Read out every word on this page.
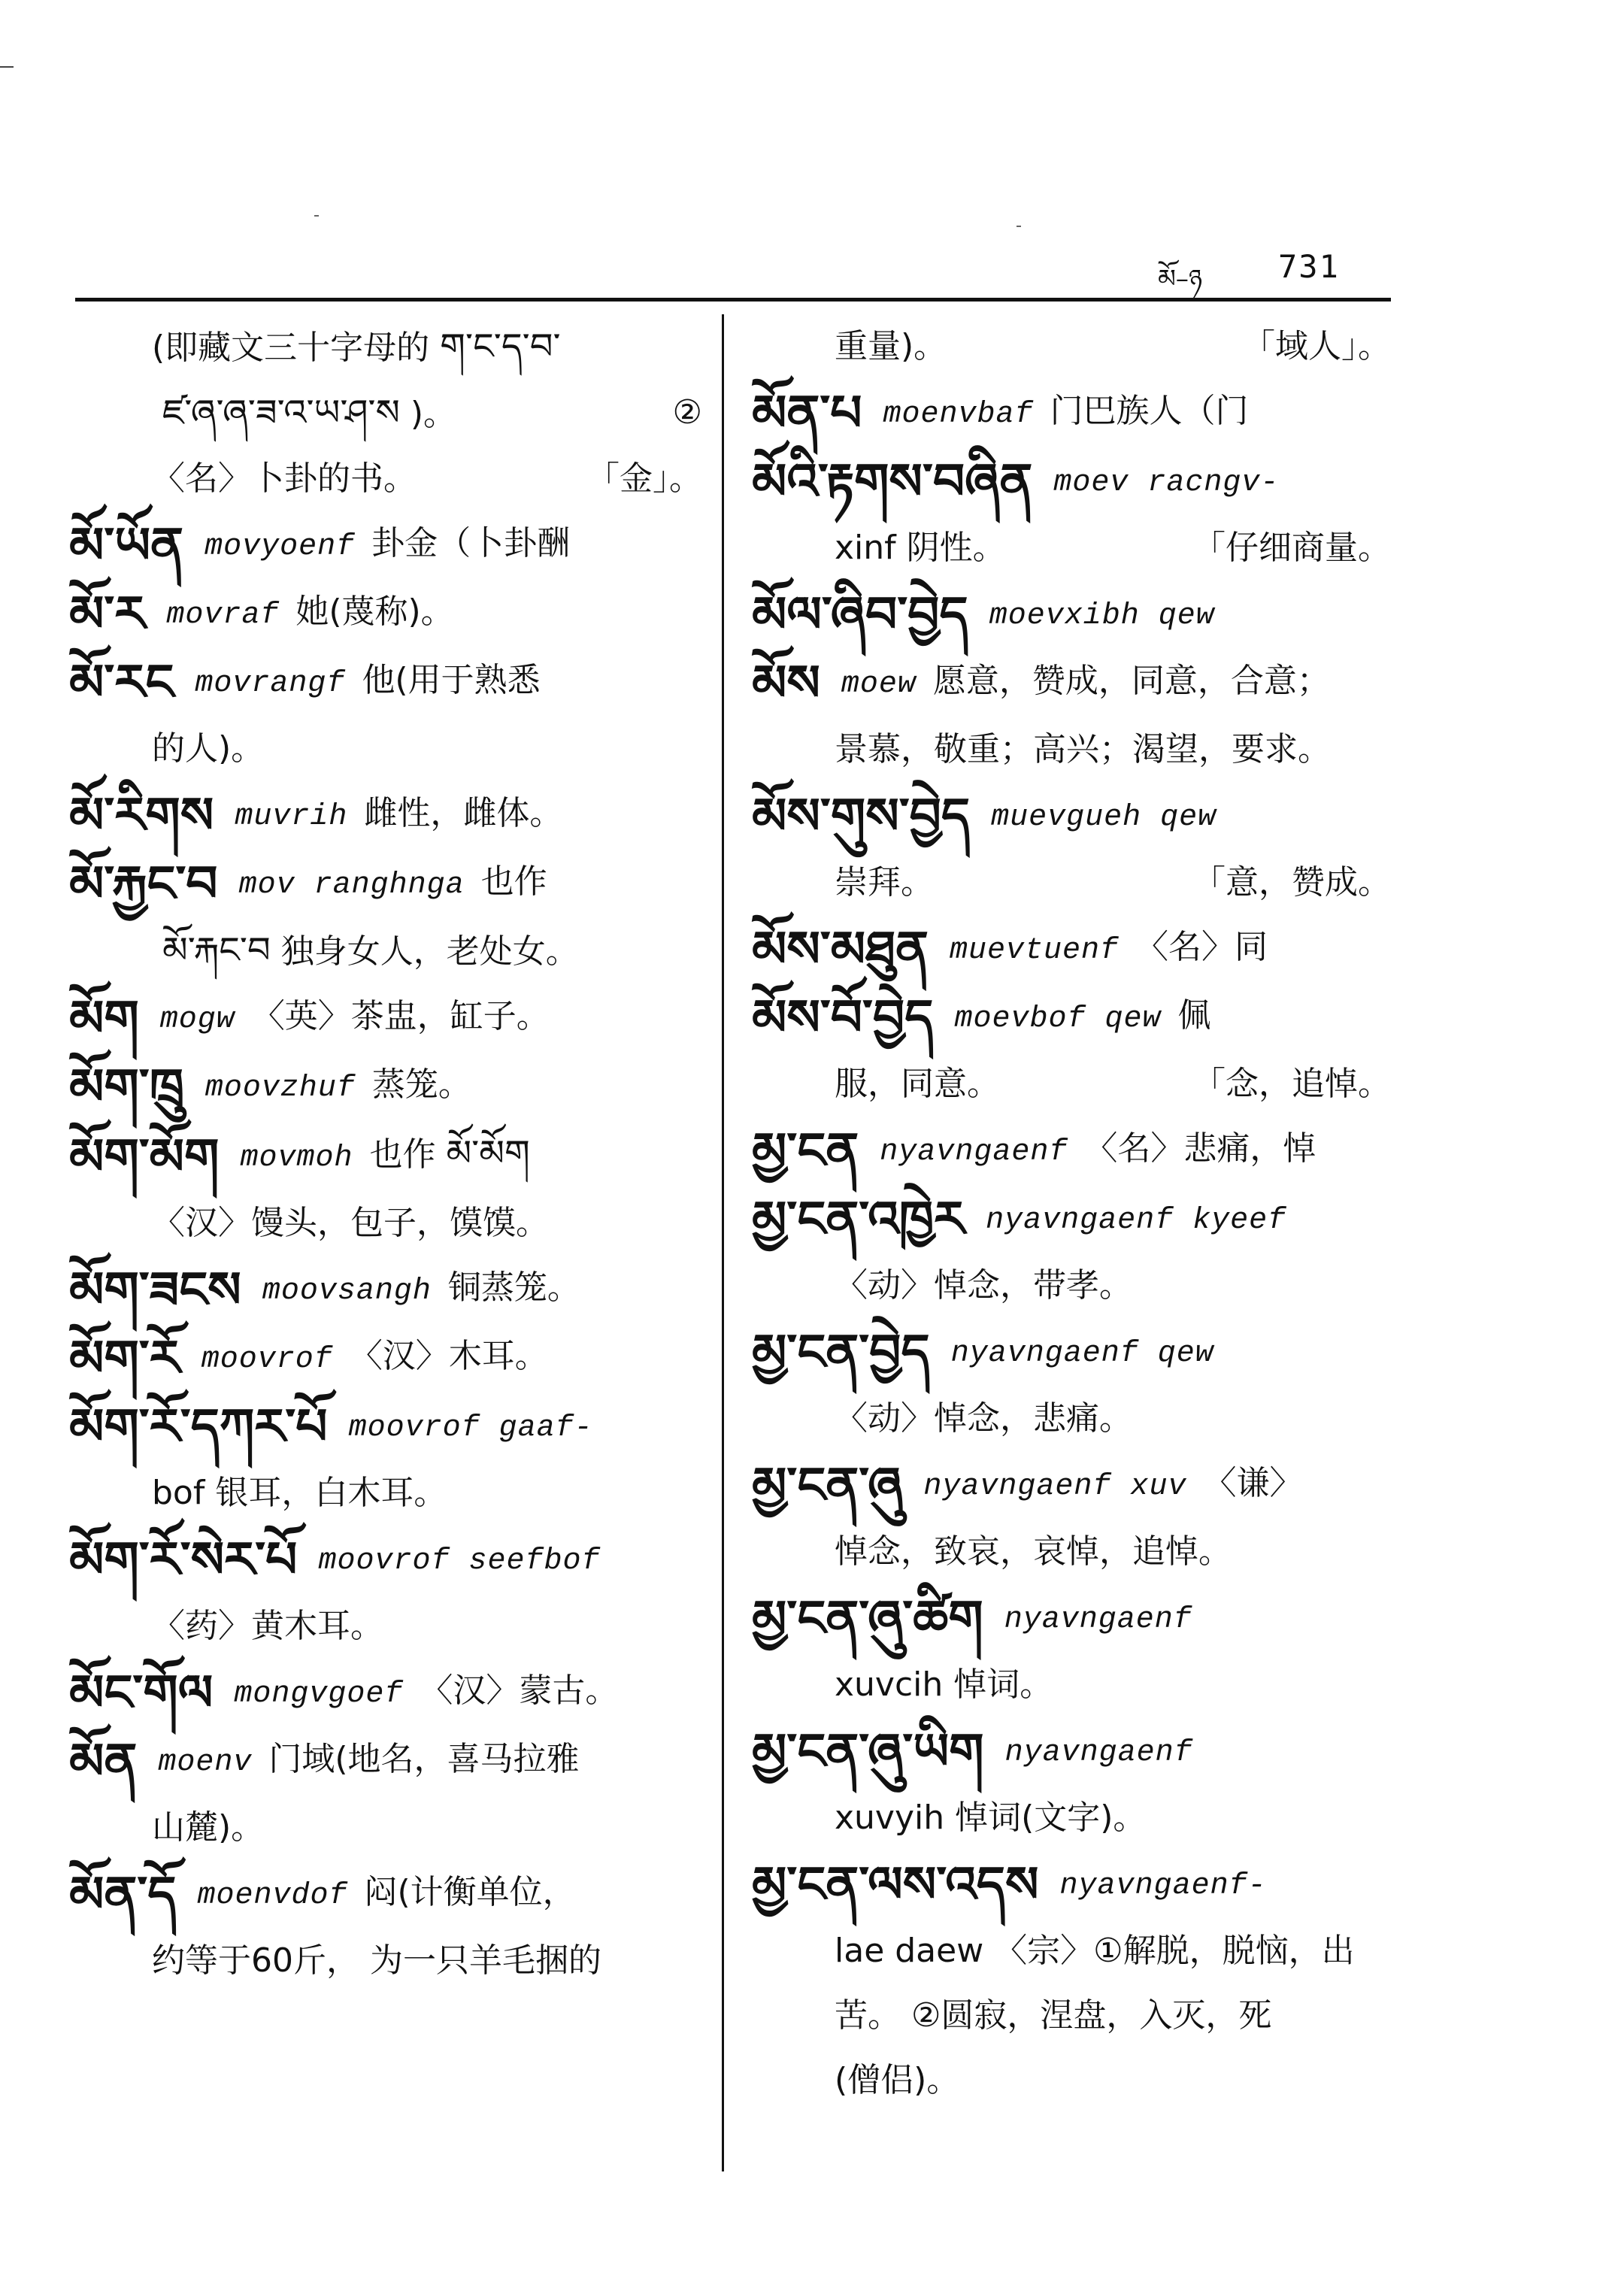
མོ–ཉ 731
(即藏文三十字母的 ག་ང་ད་བ་
ཛ་ཞ་ཞ་ཟ་འ་ཡ་ཤ་ས )。	②
〈名〉卜卦的书。	「金」。
མོ་ཡོན movyoenf 卦金（卜卦酬
མོ་ར movraf 她(蔑称)。
མོ་རང movrangf 他(用于熟悉
的人)。
མོ་རིགས muvrih 雌性，雌体。
མོ་རྐྱང་བ mov ranghnga 也作
མོ་རྐང་བ 独身女人，老处女。
མོག mogw 〈英〉茶盅，缸子。
མོག་ཁྲུ moovzhuf 蒸笼。
མོག་མོག movmoh 也作 མོ་མོག
〈汉〉馒头，包子，馍馍。
མོག་ཟངས moovsangh 铜蒸笼。
མོག་རོ moovrof 〈汉〉木耳。
མོག་རོ་དཀར་པོ moovrof gaaf-
bof 银耳，白木耳。
མོག་རོ་སེར་པོ moovrof seefbof
〈药〉黄木耳。
མོང་གོལ mongvgoef 〈汉〉蒙古。
མོན moenv 门域(地名，喜马拉雅
山麓)。
མོན་དོ moenvdof 闷(计衡单位，
约等于60斤， 为一只羊毛捆的
重量)。	「域人」。
མོན་པ moenvbaf 门巴族人（门
མོའི་རྟགས་བཞིན moev racngv-
xinf 阴性。	「仔细商量。
མོལ་ཞིབ་བྱེད moevxibh qew
མོས moew 愿意，赞成，同意，合意；
景慕，敬重；高兴；渴望，要求。
མོས་གུས་བྱེད muevgueh qew
崇拜。	「意，赞成。
མོས་མཐུན muevtuenf 〈名〉同
མོས་བོ་བྱེད moevbof qew 佩
服，同意。	「念，追悼。
མྱ་ངན nyavngaenf 〈名〉悲痛，悼
མྱ་ངན་འཁྱེར nyavngaenf kyeef
〈动〉悼念，带孝。
མྱ་ངན་བྱེད nyavngaenf qew
〈动〉悼念，悲痛。
མྱ་ངན་ཞུ nyavngaenf xuv 〈谦〉
悼念，致哀，哀悼，追悼。
མྱ་ངན་ཞུ་ཚིག nyavngaenf
xuvcih 悼词。
མྱ་ངན་ཞུ་ཡིག nyavngaenf
xuvyih 悼词(文字)。
མྱ་ངན་ལས་འདས nyavngaenf-
lae daew 〈宗〉①解脱，脱恼，出
苦。 ②圆寂，涅盘，入灭，死
(僧侣)。
